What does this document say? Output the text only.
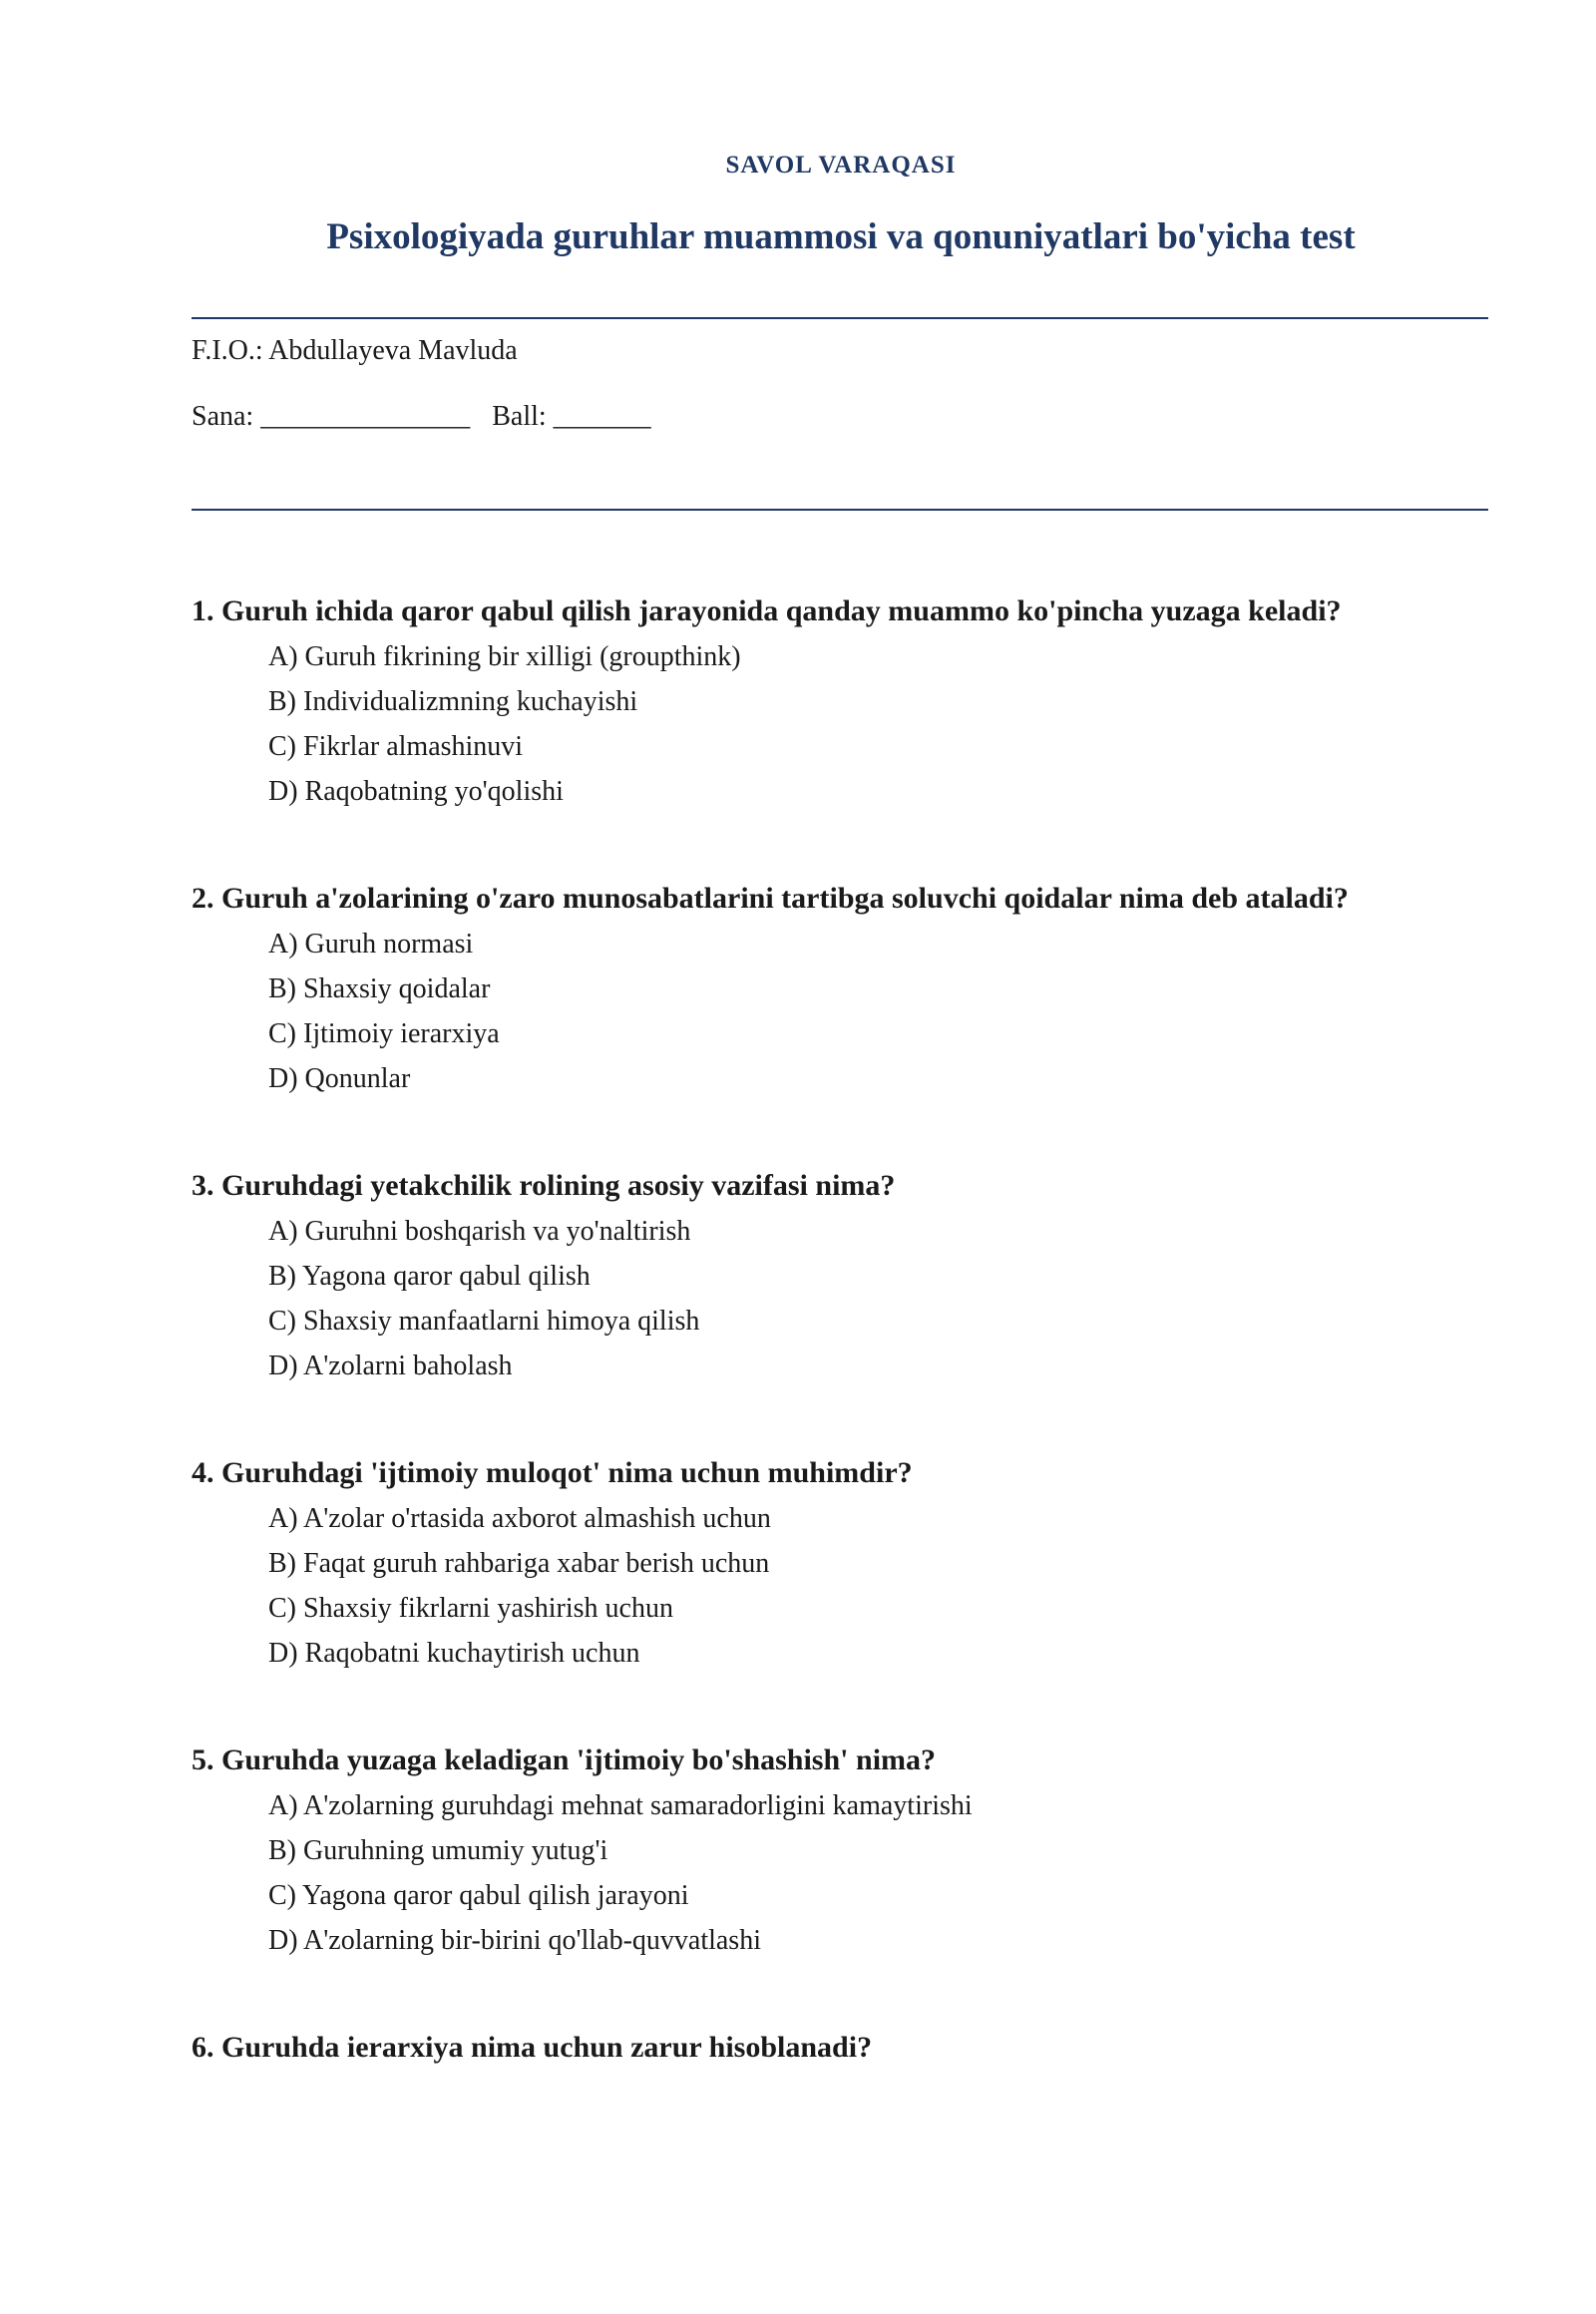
SAVOL VARAQASI
Psixologiyada guruhlar muammosi va qonuniyatlari bo'yicha test
F.I.O.: Abdullayeva Mavluda
Sana: _______________ Ball: _______
1. Guruh ichida qaror qabul qilish jarayonida qanday muammo ko'pincha yuzaga keladi?
A) Guruh fikrining bir xilligi (groupthink)
B) Individualizmning kuchayishi
C) Fikrlar almashinuvi
D) Raqobatning yo'qolishi
2. Guruh a'zolarining o'zaro munosabatlarini tartibga soluvchi qoidalar nima deb ataladi?
A) Guruh normasi
B) Shaxsiy qoidalar
C) Ijtimoiy ierarxiya
D) Qonunlar
3. Guruhdagi yetakchilik rolining asosiy vazifasi nima?
A) Guruhni boshqarish va yo'naltirish
B) Yagona qaror qabul qilish
C) Shaxsiy manfaatlarni himoya qilish
D) A'zolarni baholash
4. Guruhdagi 'ijtimoiy muloqot' nima uchun muhimdir?
A) A'zolar o'rtasida axborot almashish uchun
B) Faqat guruh rahbariga xabar berish uchun
C) Shaxsiy fikrlarni yashirish uchun
D) Raqobatni kuchaytirish uchun
5. Guruhda yuzaga keladigan 'ijtimoiy bo'shashish' nima?
A) A'zolarning guruhdagi mehnat samaradorligini kamaytirishi
B) Guruhning umumiy yutug'i
C) Yagona qaror qabul qilish jarayoni
D) A'zolarning bir-birini qo'llab-quvvatlashi
6. Guruhda ierarxiya nima uchun zarur hisoblanadi?
